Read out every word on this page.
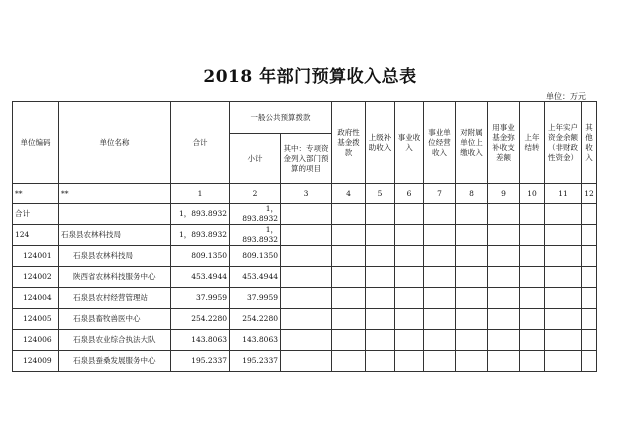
2018 年部门预算收入总表
单位：万元
单位编码	单位名称	合计	一般公共预算拨款		政府性基金拨款	上级补助收入	事业收入	事业单位经营收入	对附属单位上缴收入	用事业基金弥补收支差额	上年结转	上年实户资金余额（非财政性资金）	其他收入
			小计	其中：专项资金列入部门预算的项目									
**	**	1	2	3	4	5	6	7	8	9	10	11	12
合计		1，893.8932	1，893.8932										
124	石泉县农林科技局	1，893.8932	1，893.8932										
124001	石泉县农林科技局	809.1350	809.1350										
124002	陕西省农林科技服务中心	453.4944	453.4944										
124004	石泉县农村经营管理站	37.9959	37.9959										
124005	石泉县畜牧兽医中心	254.2280	254.2280										
124006	石泉县农业综合执法大队	143.8063	143.8063										
124009	石泉县蚕桑发展服务中心	195.2337	195.2337										
